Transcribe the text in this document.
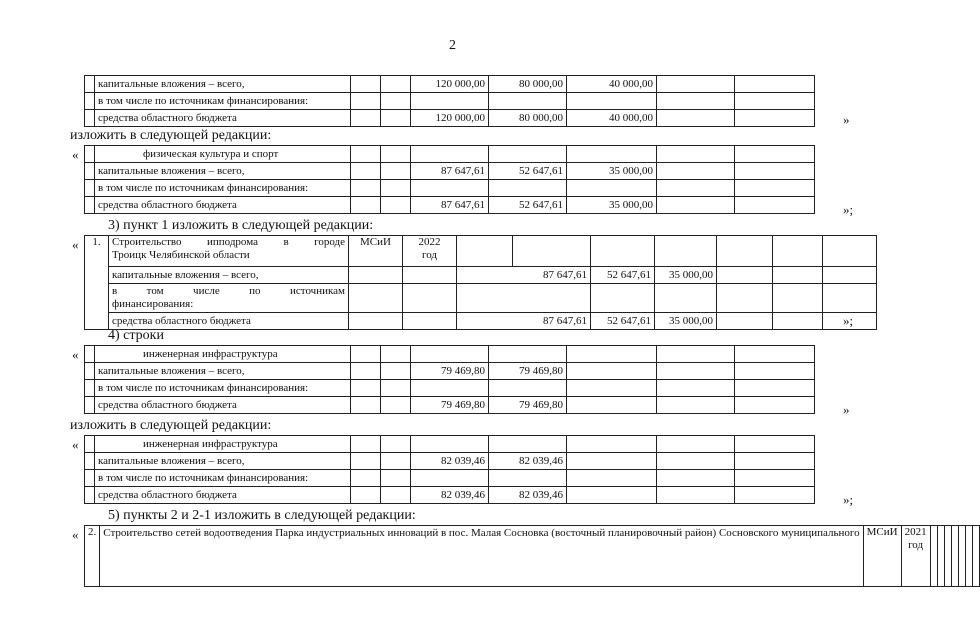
2
	капитальные вложения – всего,			120 000,00	80 000,00	40 000,00		
	в том числе по источникам финансирования:							
	средства областного бюджета			120 000,00	80 000,00	40 000,00			»
изложить в следующей редакции:
«
		физическая культура и спорт							
	капитальные вложения – всего,			87 647,61	52 647,61	35 000,00		
	в том числе по источникам финансирования:							
	средства областного бюджета			87 647,61	52 647,61	35 000,00			»;
3) пункт 1 изложить в следующей редакции:
« 1.	Строительство ипподрома в городе
Троицк Челябинской области	МСиИ	2022
год							
	капитальные вложения – всего,			87 647,61		52 647,61	35 000,00			
	в том числе по источникам
финансирования:									

	средства областного бюджета			87 647,61		52 647,61	35 000,00				»;
4) строки
«
		инженерная инфраструктура							
	капитальные вложения – всего,			79 469,80	79 469,80			
	в том числе по источникам финансирования:							
	средства областного бюджета			79 469,80	79 469,80				»
изложить в следующей редакции:
«
		инженерная инфраструктура							
	капитальные вложения – всего,			82 039,46	82 039,46			
	в том числе по источникам финансирования:							
	средства областного бюджета			82 039,46	82 039,46				»;
5) пункты 2 и 2-1 изложить в следующей редакции:
« 2.	Строительство сетей водоотведения Парка индустриальных инноваций в пос. Малая Сосновка (восточный планировочный район) Сосновского муниципального	МСиИ	2021
год							
